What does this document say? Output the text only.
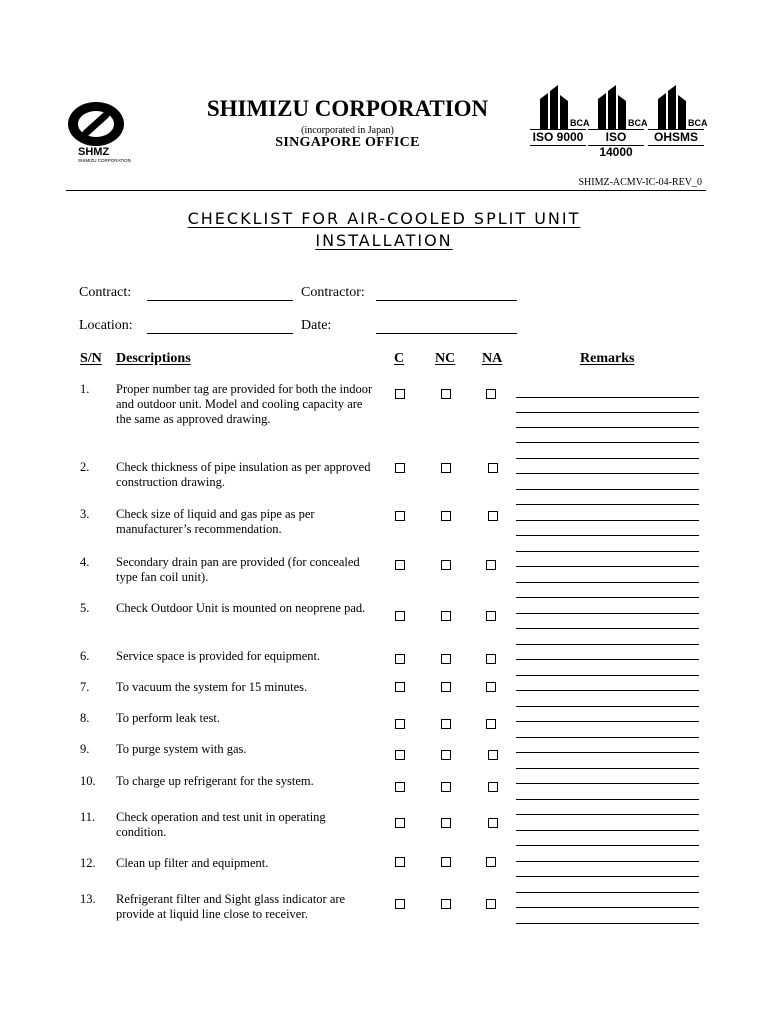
SHMZ
SHIMIZU CORPORATION
SHIMIZU CORPORATION
(incorporated in Japan)
SINGAPORE OFFICE
BCA
ISO 9000
BCA
ISO 14000
BCA
OHSMS
SHIMZ-ACMV-IC-04-REV_0
CHECKLIST FOR AIR-COOLED SPLIT UNIT
INSTALLATION
Contract:	Contractor:
Location:	Date:
S/N Descriptions	C NC NA	Remarks
1.	Proper number tag are provided for both the indoor and outdoor unit. Model and cooling capacity are the same as approved drawing.
2.	Check thickness of pipe insulation as per approved construction drawing.
3.	Check size of liquid and gas pipe as per manufacturer’s recommendation.
4.	Secondary drain pan are provided (for concealed type fan coil unit).
5.	Check Outdoor Unit is mounted on neoprene pad.
6.	Service space is provided for equipment.
7.	To vacuum the system for 15 minutes.
8.	To perform leak test.
9.	To purge system with gas.
10.	To charge up refrigerant for the system.
11.	Check operation and test unit in operating condition.
12.	Clean up filter and equipment.
13.	Refrigerant filter and Sight glass indicator are provide at liquid line close to receiver.
